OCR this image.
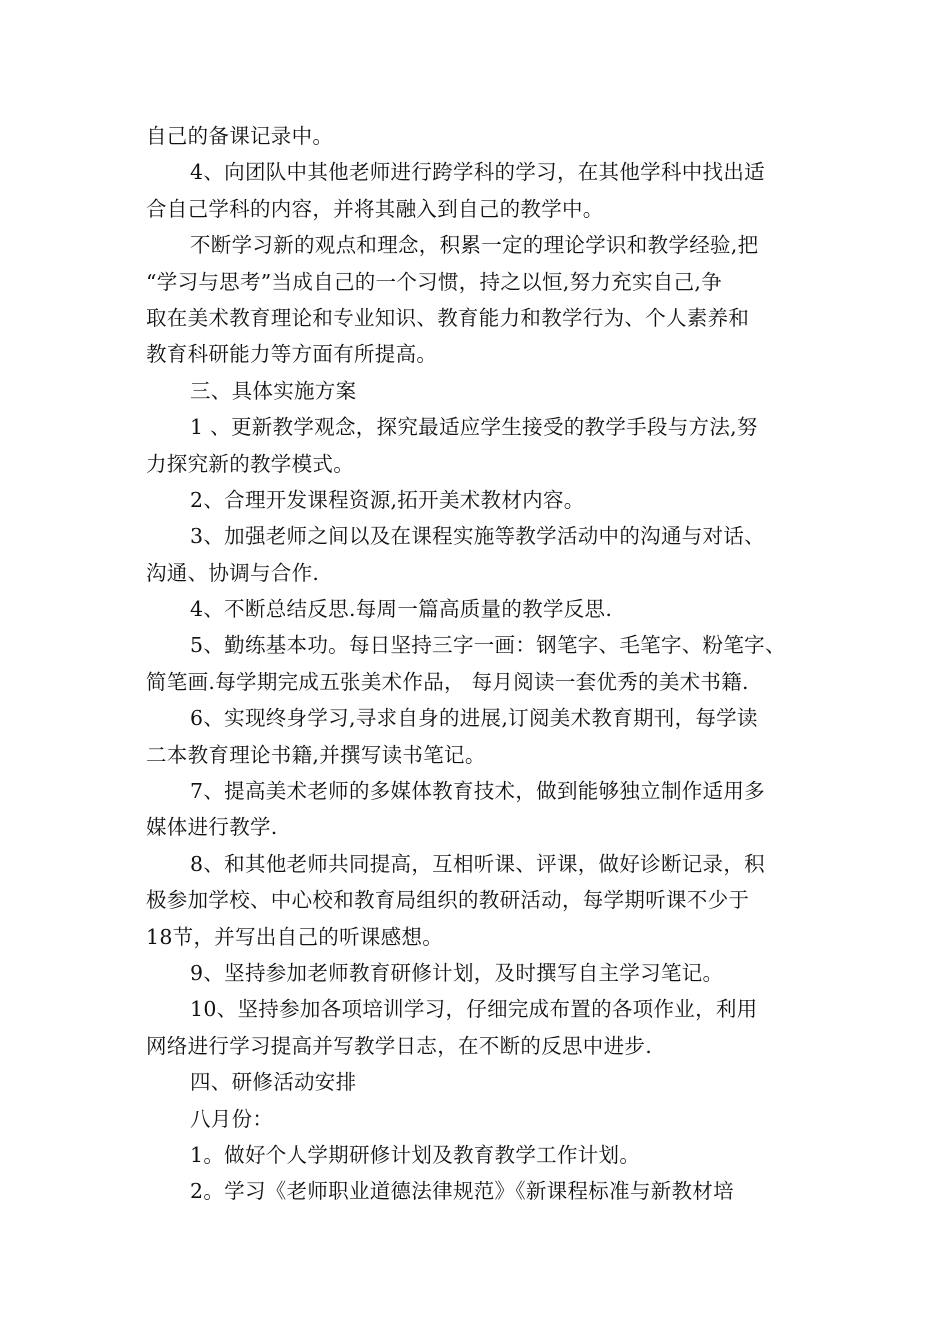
自己的备课记录中。
4、向团队中其他老师进行跨学科的学习，在其他学科中找出适
合自己学科的内容，并将其融入到自己的教学中。
不断学习新的观点和理念，积累一定的理论学识和教学经验,把
“学习与思考”当成自己的一个习惯，持之以恒,努力充实自己,争
取在美术教育理论和专业知识、教育能力和教学行为、个人素养和
教育科研能力等方面有所提高。
三、具体实施方案
1 、更新教学观念，探究最适应学生接受的教学手段与方法,努
力探究新的教学模式。
2、合理开发课程资源,拓开美术教材内容。
3、加强老师之间以及在课程实施等教学活动中的沟通与对话、
沟通、协调与合作.
4、不断总结反思.每周一篇高质量的教学反思.
5、勤练基本功。每日坚持三字一画：钢笔字、毛笔字、粉笔字、
简笔画.每学期完成五张美术作品， 每月阅读一套优秀的美术书籍.
6、实现终身学习,寻求自身的进展,订阅美术教育期刊，每学读
二本教育理论书籍,并撰写读书笔记。
7、提高美术老师的多媒体教育技术，做到能够独立制作适用多
媒体进行教学.
8、和其他老师共同提高，互相听课、评课，做好诊断记录，积
极参加学校、中心校和教育局组织的教研活动，每学期听课不少于
18节，并写出自己的听课感想。
9、坚持参加老师教育研修计划，及时撰写自主学习笔记。
10、坚持参加各项培训学习，仔细完成布置的各项作业，利用
网络进行学习提高并写教学日志，在不断的反思中进步.
四、研修活动安排
八月份：
1。做好个人学期研修计划及教育教学工作计划。
2。学习《老师职业道德法律规范》《新课程标准与新教材培
